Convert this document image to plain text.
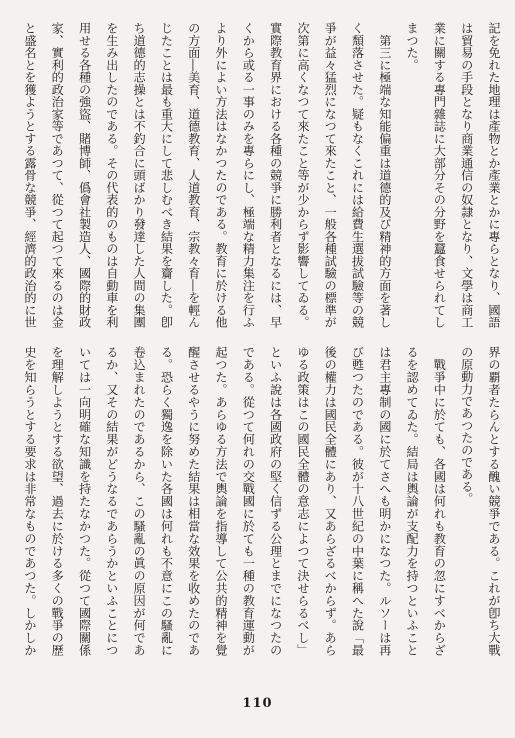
記を免れた地理は產物とか產業とかに專らとなり、國語
は貿易の手段となり商業通信の奴隷となり、文學は商工
業に關する專門雜誌に大部分その分野を蠶食せられてし
まつた。
　第三に極端な知能偏重は道德的及び精神的方面を著し
く頽落させた。疑もなくこれには給費生選拔試驗等の競
爭が益々猛烈になつて來たこと、一般各種試驗の標準が
次第に高くなつて來たこと等が少からず影響してゐる。
實際教育界における各種の競爭に勝利者となるには、早
くから或る一事のみを專らにし、極端な精力集注を行ふ
より外によい方法はなかつたのである。教育に於ける他
の方面―美育、道德教育、人道教育、宗教々育―を輕ん
じたことは最も重大にして悲しむべき結果を齎した。卽
ち道德的志操とは不釣合に頭ばかり發達した人間の集團
を生み出したのである。その代表的のものは自動車を利
用せる各種の強盜、賭博師、僞會社製造人、國際的財政
家、實利的政治家等であつて、從つて起つて來るのは金
と盛名とを獲ようとする露骨な競爭、經濟的政治的に世
界の覇者たらんとする醜い競爭である。これが卽ち大戰
の原動力であつたのである。
　戰爭中に於ても、各國は何れも教育の忽にすべからざ
るを認めてゐた。結局は輿論が支配力を持つといふこと
は君主專制の國に於てさへも明かになつた。ルソーは再
び甦つたのである。彼が十八世紀の中葉に稱へた說「最
後の權力は國民全體にあり、又あらざるべからず。あら
ゆる政策はこの國民全體の意志によつて決せらるべし」
といふ說は各國政府の堅く信ずる公理とまでになつたの
である。從つて何れの交戰國に於ても一種の教育運動が
起つた。あらゆる方法で輿論を指導して公共的精神を覺
醒させるやうに努めた結果は相當な效果を收めたのであ
る。恐らく獨逸を除いた各國は何れも不意にこの騷亂に
卷込まれたのであるから、この騷亂の眞の原因が何であ
るか、又その結果がどうなるであらうかといふことにつ
いては一向明確な知識を持たなかつた。從つて國際關係
を理解しようとする欲望、過去に於ける多くの戰爭の歷
史を知らうとする要求は非常なものであつた。しかしか
110
